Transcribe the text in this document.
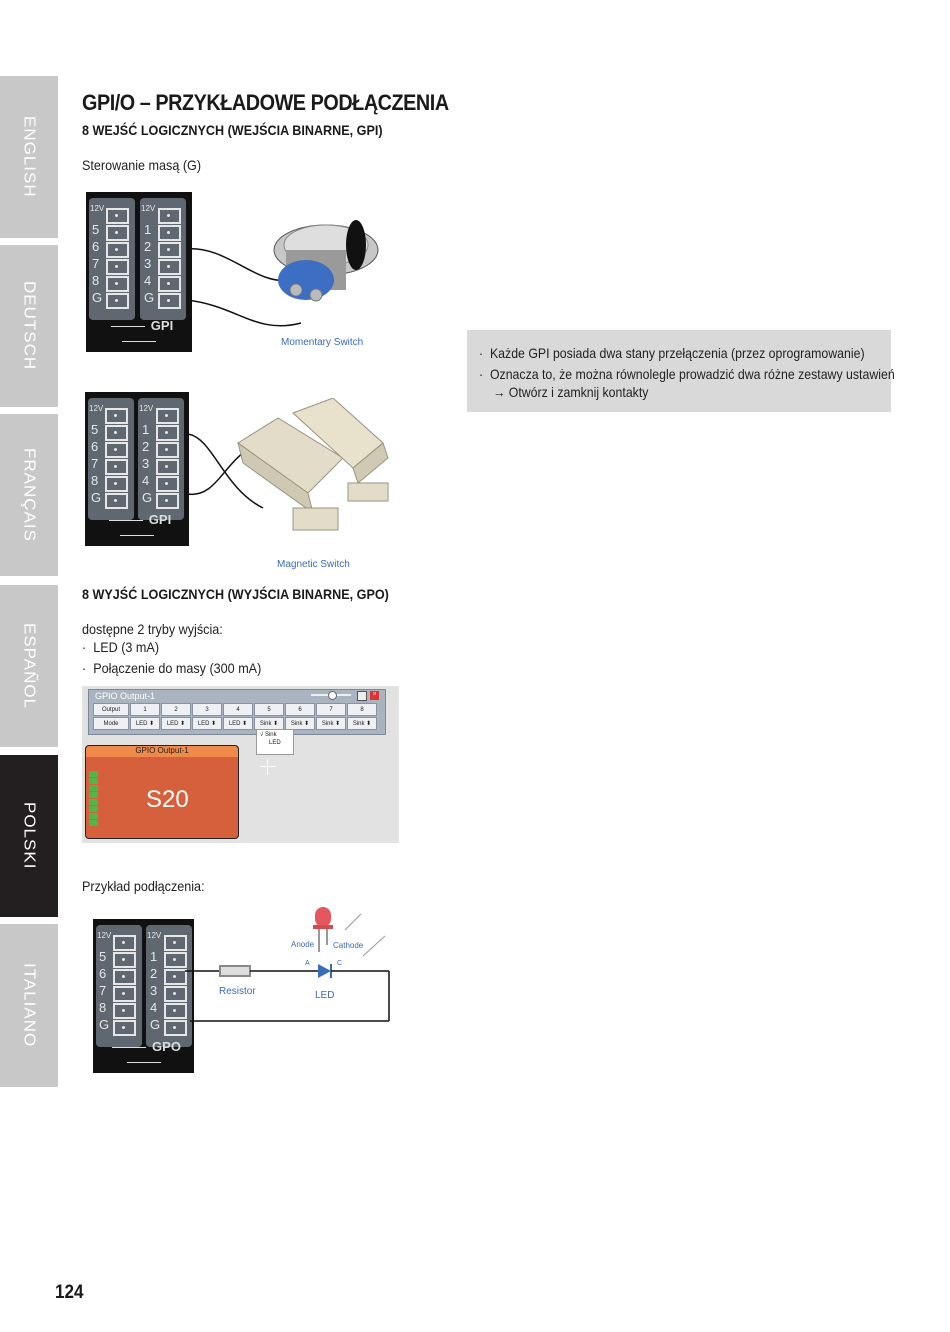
ENGLISH
DEUTSCH
FRANÇAIS
ESPAÑOL
POLSKI
ITALIANO
GPI/O – PRZYKŁADOWE PODŁĄCZENIA
8 WEJŚĆ LOGICZNYCH (WEJŚCIA BINARNE, GPI)
Sterowanie masą (G)
12V	12V
5
6
7
8
G
1
2
3
4
G
GPI
Momentary Switch
12V	12V
5
6
7
8
G
1
2
3
4
G
GPI
Magnetic Switch
·  Każde GPI posiada dwa stany przełączenia (przez oprogramowanie)
·  Oznacza to, że można równolegle prowadzić dwa różne zestawy ustawień
→ Otwórz i zamknij kontakty
8 WYJŚĆ LOGICZNYCH (WYJŚCIA BINARNE, GPO)
dostępne 2 tryby wyjścia:
·  LED (3 mA)
·  Połączenie do masy (300 mA)
GPIO Output-1	×
Output	1	2	3	4	5	6	7	8
Mode	LED ⬍	LED ⬍	LED ⬍	LED ⬍	Sink ⬍	Sink ⬍	Sink ⬍	Sink ⬍
√ Sink
LED
GPIO Output-1
S20
Przykład podłączenia:
12V	12V
5
6
7
8
G
1
2
3
4
G
GPO
Anode Cathode
A	C
Resistor	LED
124
